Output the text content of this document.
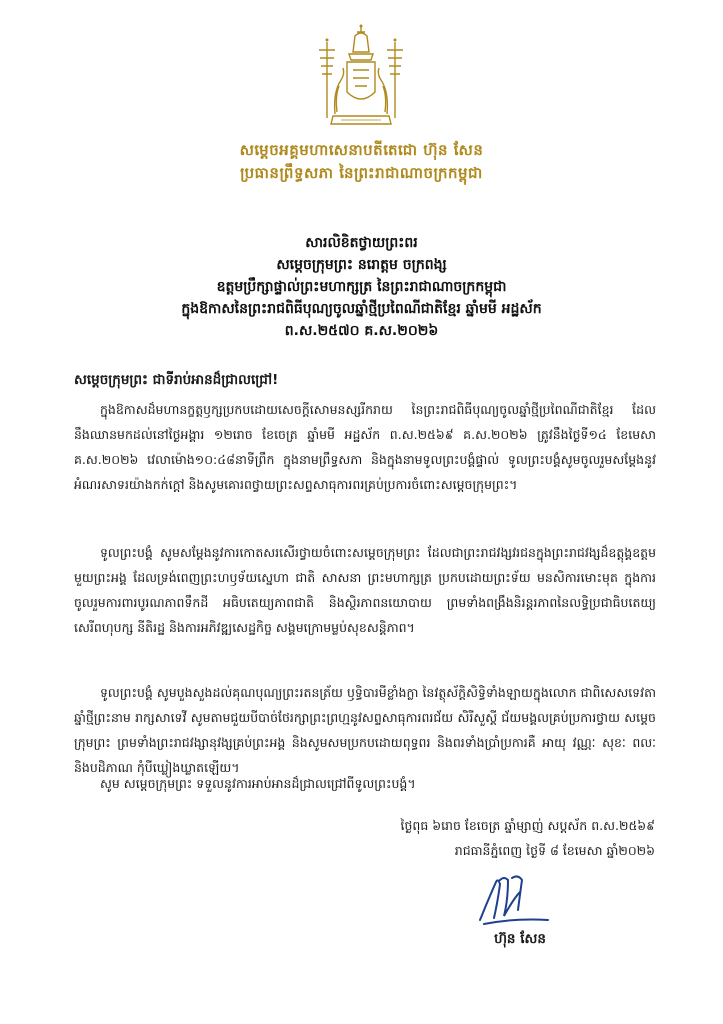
សម្តេចអគ្គមហាសេនាបតីតេជោ ហ៊ុន សែន
ប្រធានព្រឹទ្ធសភា នៃព្រះរាជាណាចក្រកម្ពុជា
សារលិខិតថ្វាយព្រះពរ
សម្តេចក្រុមព្រះ នរោត្តម ចក្រពង្ស
ឧត្តមប្រឹក្សាផ្ទាល់ព្រះមហាក្សត្រ នៃព្រះរាជាណាចក្រកម្ពុជា
ក្នុងឱកាសនៃព្រះរាជពិធីបុណ្យចូលឆ្នាំថ្មីប្រពៃណីជាតិខ្មែរ ឆ្នាំមមី អដ្ឋស័ក
ព.ស.២៥៧០ គ.ស.២០២៦
សម្តេចក្រុមព្រះ ជាទីរាប់អានដ៏ជ្រាលជ្រៅ!

ក្នុងឱកាសដ៏មហានក្ខត្តឫក្សប្រកបដោយសេចក្តីសោមនស្សរីករាយ នៃព្រះរាជពិធីបុណ្យចូលឆ្នាំថ្មីប្រពៃណីជាតិខ្មែរ ដែលនឹងឈានមកដល់នៅថ្ងៃអង្គារ ១២រោច ខែចេត្រ ឆ្នាំមមី អដ្ឋស័ក ព.ស.២៥៦៩ គ.ស.២០២៦ ត្រូវនឹងថ្ងៃទី១៤ ខែមេសា គ.ស.២០២៦ វេលាម៉ោង១០:៤៨នាទីព្រឹក ក្នុងនាមព្រឹទ្ធសភា និងក្នុងនាមទូលព្រះបង្គំផ្ទាល់ ទូលព្រះបង្គំសូមចូលរួមសម្តែងនូវអំណរសាទរយ៉ាងកក់ក្តៅ និងសូមគោរពថ្វាយព្រះសព្ទសាធុការពរគ្រប់ប្រការចំពោះសម្តេចក្រុមព្រះ។

ទូលព្រះបង្គំ សូមសម្តែងនូវការកោតសរសើរថ្វាយចំពោះសម្តេចក្រុមព្រះ ដែលជាព្រះរាជវង្សវរជនក្នុងព្រះរាជវង្សដ៏ឧត្តុង្គឧត្តមមួយព្រះអង្គ ដែលទ្រង់ពេញព្រះហឫទ័យស្នេហា ជាតិ សាសនា ព្រះមហាក្សត្រ ប្រកបដោយព្រះទ័យ មនសិការមោះមុត ក្នុងការចូលរួមការពារបូរណភាពទឹកដី អធិបតេយ្យភាពជាតិ និងស្ថិរភាពនយោបាយ ព្រមទាំងពង្រឹងនិរន្តរភាពនៃលទ្ធិប្រជាធិបតេយ្យសេរីពហុបក្ស នីតិរដ្ឋ និងការអភិវឌ្ឍសេដ្ឋកិច្ច សង្គមក្រោមម្លប់សុខសន្តិភាព។

ទូលព្រះបង្គំ សូមបួងសួងដល់គុណបុណ្យព្រះរតនត្រ័យ ឫទ្ធិបារមីខ្លាំងក្លា នៃវត្ថុស័ក្តិសិទ្ធិទាំងឡាយក្នុងលោក ជាពិសេសទេវតាឆ្នាំថ្មីព្រះនាម រាក្សសាទេវី សូមតាមជួយបីបាច់ថែរក្សាព្រះព្រហ្មនូវសព្ទសាធុការពរជ័យ សិរីសួស្តី ជ័យមង្គលគ្រប់ប្រការថ្វាយ សម្តេចក្រុមព្រះ ព្រមទាំងព្រះរាជវង្សានុវង្សគ្រប់ព្រះអង្គ និងសូមសមប្រកបដោយពុទ្ធពរ និងពរទាំងប្រាំប្រការគឺ អាយុ វណ្ណៈ សុខៈ ពលៈ និងបដិភាណ កុំបីឃ្លៀងឃ្លាតឡើយ។

សូម សម្តេចក្រុមព្រះ ទទួលនូវការអាប់អានដ៏ជ្រាលជ្រៅពីទូលព្រះបង្គំ។

ថ្ងៃពុធ ៦រោច ខែចេត្រ ឆ្នាំម្សាញ់ សប្តស័ក ព.ស.២៥៦៩
រាជធានីភ្នំពេញ ថ្ងៃទី ៨ ខែមេសា ឆ្នាំ២០២៦
ហ៊ុន សែន
